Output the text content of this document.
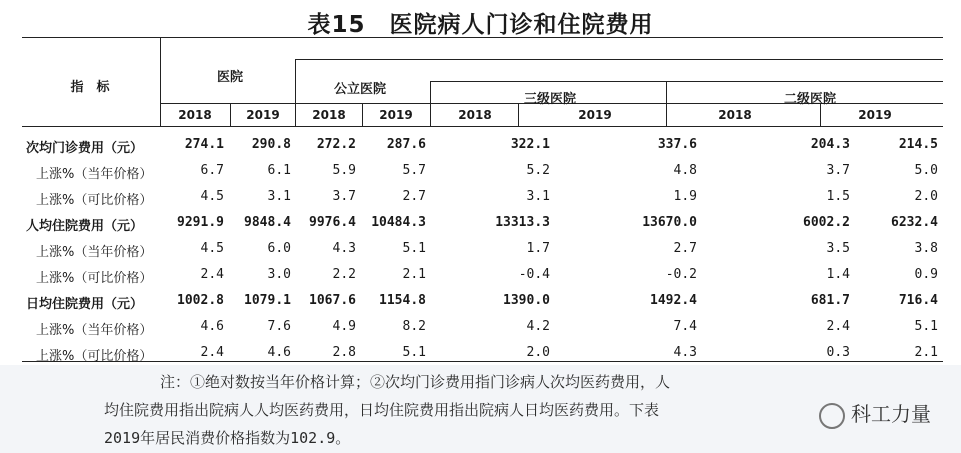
表15　医院病人门诊和住院费用
指　标
医院
公立医院
三级医院	二级医院
2018	2019	2018	2019	2018	2019	2018	2019
次均门诊费用（元）	274.1	290.8	272.2	287.6	322.1	337.6	204.3	214.5
上涨%（当年价格）	6.7	6.1	5.9	5.7	5.2	4.8	3.7	5.0
上涨%（可比价格）	4.5	3.1	3.7	2.7	3.1	1.9	1.5	2.0
人均住院费用（元）	9291.9	9848.4	9976.4	10484.3	13313.3	13670.0	6002.2	6232.4
上涨%（当年价格）	4.5	6.0	4.3	5.1	1.7	2.7	3.5	3.8
上涨%（可比价格）	2.4	3.0	2.2	2.1	-0.4	-0.2	1.4	0.9
日均住院费用（元）	1002.8	1079.1	1067.6	1154.8	1390.0	1492.4	681.7	716.4
上涨%（当年价格）	4.6	7.6	4.9	8.2	4.2	7.4	2.4	5.1
上涨%（可比价格）	2.4	4.6	2.8	5.1	2.0	4.3	0.3	2.1
注：①绝对数按当年价格计算；②次均门诊费用指门诊病人次均医药费用，人
均住院费用指出院病人人均医药费用，日均住院费用指出院病人日均医药费用。下表
2019年居民消费价格指数为102.9。
科工力量
